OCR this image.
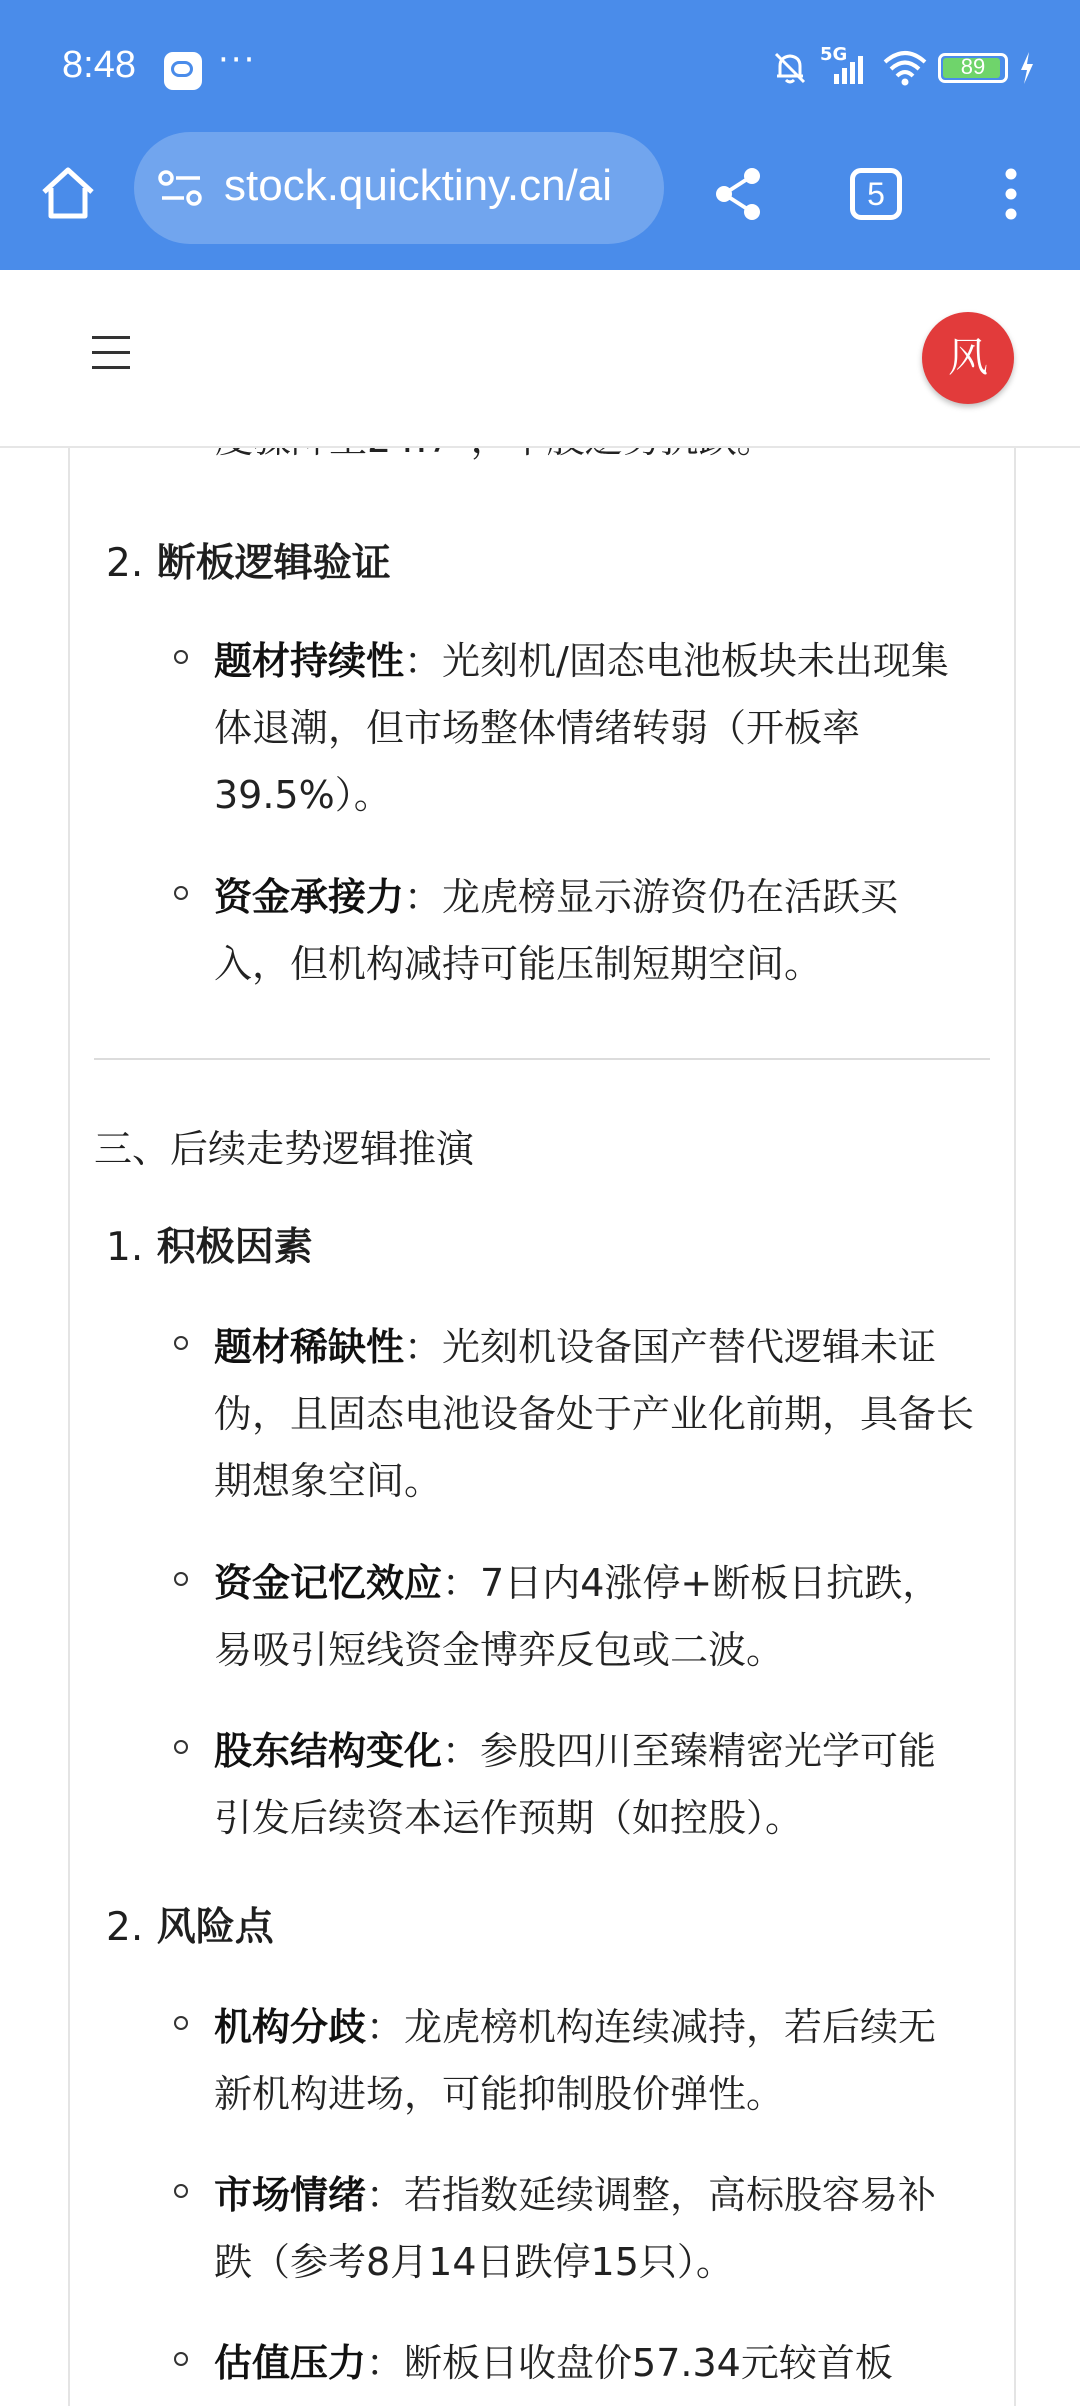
8:48 ···	5G	89
stock.quicktiny.cn/ai	5
风
2. 断板逻辑验证
题材持续性：光刻机/固态电池板块未出现集体退潮，但市场整体情绪转弱（开板率39.5%）。
资金承接力：龙虎榜显示游资仍在活跃买入，但机构减持可能压制短期空间。
三、后续走势逻辑推演
1. 积极因素
题材稀缺性：光刻机设备国产替代逻辑未证伪，且固态电池设备处于产业化前期，具备长期想象空间。
资金记忆效应：7日内4涨停+断板日抗跌，易吸引短线资金博弈反包或二波。
股东结构变化：参股四川至臻精密光学可能引发后续资本运作预期（如控股）。
2. 风险点
机构分歧：龙虎榜机构连续减持，若后续无新机构进场，可能抑制股价弹性。
市场情绪：若指数延续调整，高标股容易补跌（参考8月14日跌停15只）。
估值压力：断板日收盘价57.34元较首板
